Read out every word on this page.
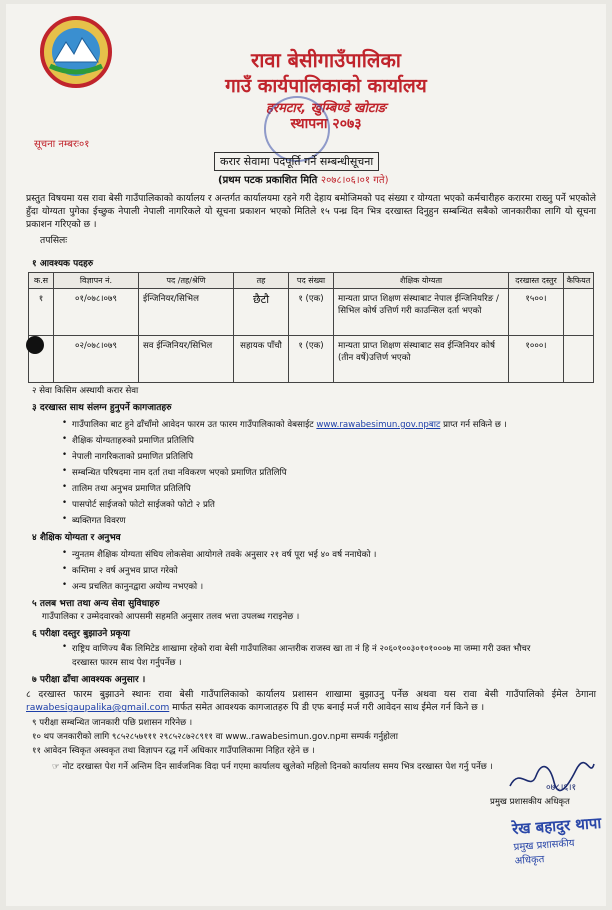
रावा बेसीगाउँपालिका
गाउँ कार्यपालिकाको कार्यालय
हरमटार, खुम्बिण्डे खोटाङ
स्थापना २०७३
सूचना नम्बरः०१
करार सेवामा पदपूर्ति गर्ने सम्बन्धीसूचना
(प्रथम पटक प्रकाशित मिति २०७८।०६।०१ गते)
प्रस्तुत विषयमा यस रावा बेसी गाउँपालिकाको कार्यालय र अन्तर्गत कार्यालयमा रहने गरी देहाय बमोजिमको पद संख्या र योग्यता भएको कर्मचारीहरु करारमा राख्नु पर्ने भएकोले हुँदा योग्यता पुगेका ईच्छुक नेपाली नेपाली नागरिकले यो सूचना प्रकाशन भएको मितिले १५ पन्ध्र दिन भित्र दरखास्त दिनुहुन सम्बन्धित सबैको जानकारीका लागि यो सूचना प्रकाशन गरिएको छ ।
तपसिलः
१ आवश्यक पदहरु
क.स	विज्ञापन नं.	पद /तह/श्रेणि	तह	पद संख्या	शैक्षिक योग्यता	दरखास्त दस्तुर	कैफियत
१	०१/०७८।०७९	ईन्जिनियर/सिभिल	छैटौ	१ (एक)	मान्यता प्राप्त शिक्षण संस्थाबाट नेपाल ईन्जिनियरिङ /सिभिल कोर्ष उत्तिर्ण गरी काउन्सिल दर्ता भएको	१५००।	
	०२/०७८।०७९	सव ईन्जिनियर/सिभिल	सहायक पाँचौ	१ (एक)	मान्यता प्राप्त शिक्षण संस्थाबाट सव ईन्जिनियर कोर्ष (तीन वर्षे)उत्तिर्ण भएको	१०००।	
२ सेवा किसिम अस्थायी करार सेवा
३ दरखास्त साथ संलग्न हुनुपर्ने कागजातहरु
• गाउँपालिका बाट हुने ढाँचाँमो आवेदन फारम उत फारम गाउँपालिकाको वेबसाईट www.rawabesimun.gov.npबाट प्राप्त गर्न सकिने छ ।
• शैक्षिक योग्यताहरुको प्रमाणित प्रतिलिपि
• नेपाली नागरिकताको प्रमाणित प्रतिलिपि
• सम्बन्धित परिषदमा नाम दर्ता तथा नविकरण भएको प्रमाणित प्रतिलिपि
• तालिम तथा अनुभव प्रमाणित प्रतिलिपि
• पासपोर्ट साईजको फोटो साईजको फोटो २ प्रति
• ब्यक्तिगत विवरण
४ शैक्षिक योग्यता र अनुभव
• न्युनतम शैक्षिक योग्यता संघिय लोकसेवा आयोगले तवके अनुसार २१ वर्ष पूरा भई ४० वर्ष ननाघेको ।
• कम्तिमा २ वर्ष अनुभव प्राप्त गरेको
• अन्य प्रचलित कानुनद्वारा अयोग्य नभएको ।
५ तलब भत्ता तथा अन्य सेवा सुविधाहरु
गाउँपालिका र उम्मेदवारको आपसमी सहमति अनुसार तलव भत्ता उपलब्ध गराइनेछ ।
६ परीक्षा दस्तुर बुझाउने प्रकृया
• राष्ट्रिय वाणिज्य बैंक लिमिटेड शाखामा रहेको रावा बेसी गाउँपालिका आन्तरीक राजस्व खा ता नं हि नं २०६०१००३०१०१०००७ मा जम्मा गरी उक्त भौचर
दरखास्त फारम साथ पेश गर्नुपर्नेछ ।
७ परीक्षा ढाँचा आवश्यक अनुसार ।
८ दरखास्त फारम बुझाउने स्थानः रावा बेसी गाउँपालिकाको कार्यालय प्रशासन शाखामा बुझाउनु पर्नेछ अथवा यस रावा बेसी गाउँपालिको ईमेल ठेगाना rawabesigaupalika@gmail.com मार्फत समेत आवश्यक कागजातहरु पि डी एफ बनाई मर्ज गरी आवेदन साथ ईमेल गर्न किने छ ।
९ परीक्षा सम्बन्धित जानकारी पछि प्रशासन गरिनेछ ।
१० थप जनकारीको लागि ९८५२८५७१११ २९८५२८७२८९११ वा www..rawabesimun.gov.npमा सम्पर्क गर्नुहोला
११ आवेदन स्विकृत अस्वकृत तथा विज्ञापन रद्ध गर्ने अधिकार गाउँपालिकामा निहित रहेने छ ।
☞ नोट दरखास्त पेश गर्ने अन्तिम दिन सार्वजनिक विदा पर्न गएमा कार्यालय खुलेको महिलो दिनको कार्यालय समय भित्र दरखास्त पेश गर्नु पर्नेछ ।
०७८।६।१
प्रमुख प्रशासकीय अधिकृत
रेख बहादुर थापा
प्रमुख प्रशासकीय अधिकृत
